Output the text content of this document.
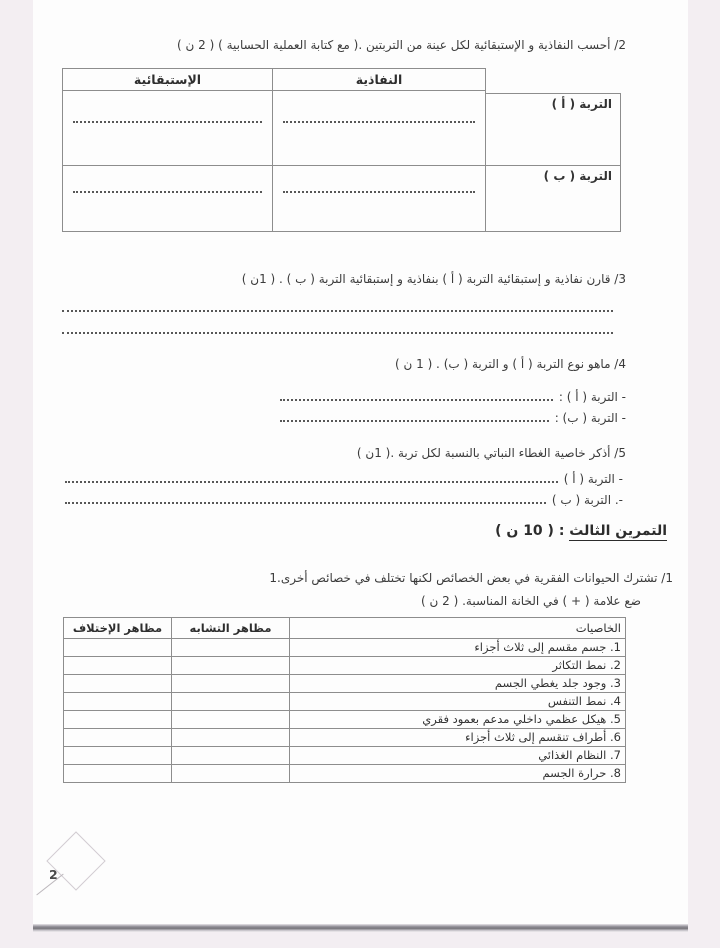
2/ أحسب النفاذية و الإستبقائية لكل عينة من التربتين .( مع كتابة العملية الحسابية ) ( 2 ن )
الإستبقائية	النفاذية
التربة ( أ )
التربة ( ب )
3/ قارن نفاذية و إستبقائية التربة ( أ ) بنفاذية و إستبقائية التربة ( ب ) . ( 1ن )
4/ ماهو نوع التربة ( أ ) و التربة ( ب) . ( 1 ن )
- التربة ( أ ) :
- التربة ( ب) :
5/ أذكر خاصية الغطاء النباتي بالنسبة لكل تربة .( 1ن )
- التربة ( أ )
-. التربة ( ب )
التمرين الثالث : ( 10 ن )
1/ تشترك الحيوانات الفقرية في بعض الخصائص لكنها تختلف في خصائص أخرى.1
ضع علامة ( + ) في الخانة المناسبة. ( 2 ن )
الخاصيات	مظاهر التشابه	مظاهر الإختلاف
1. جسم مقسم إلى ثلاث أجزاء		
2. نمط التكاثر		
3. وجود جلد يغطي الجسم		
4. نمط التنفس		
5. هيكل عظمي داخلي مدعم بعمود فقري		
6. أطراف تنقسم إلى ثلاث أجزاء		
7. النظام الغذائي		
8. حرارة الجسم		
2
